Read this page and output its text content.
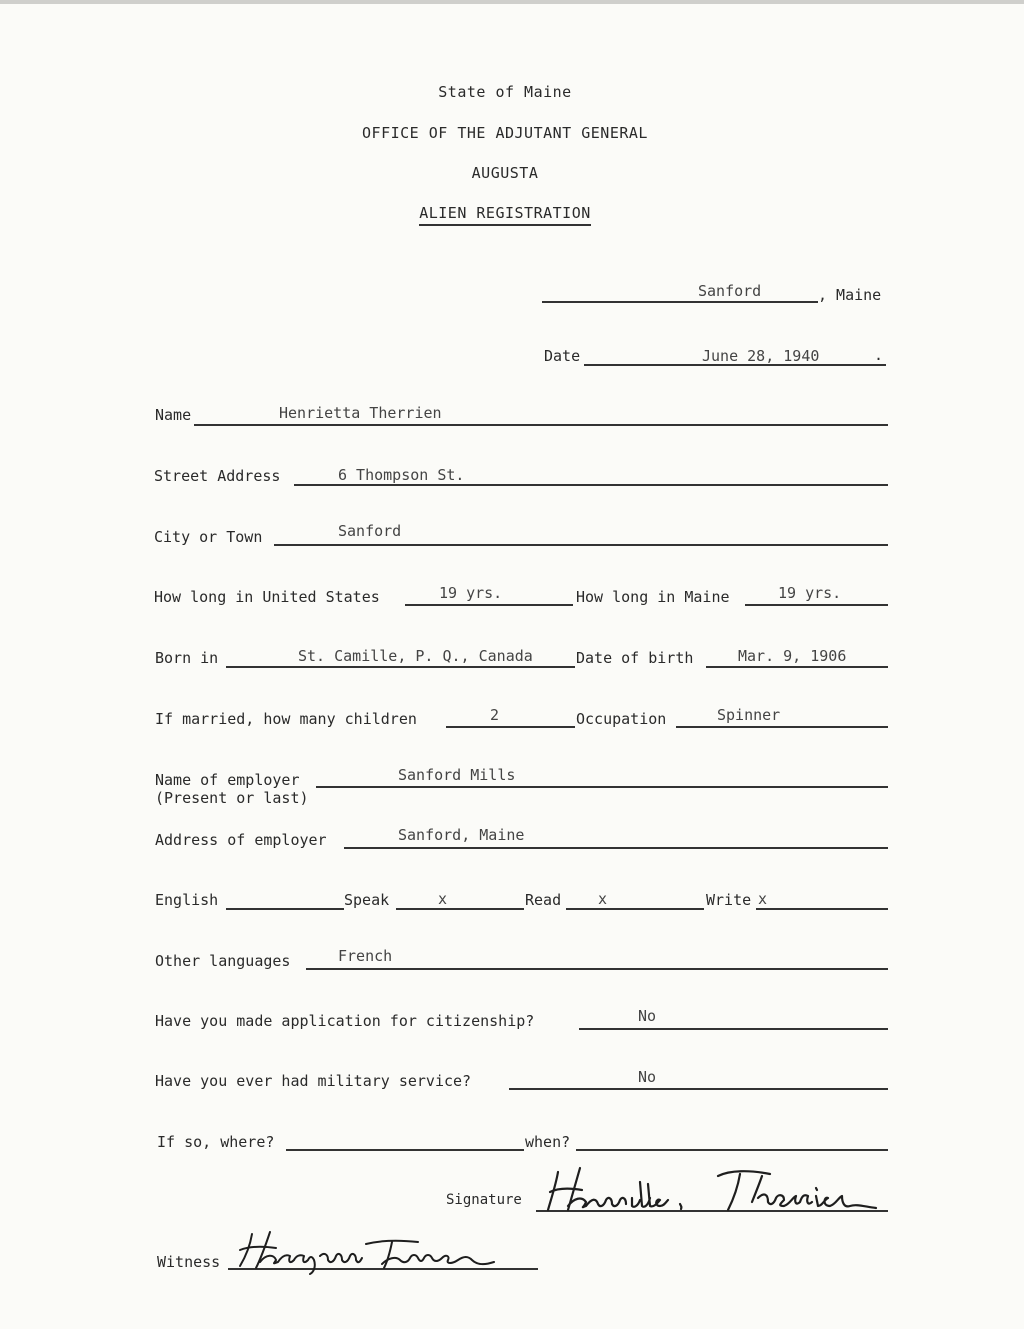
State of Maine
OFFICE OF THE ADJUTANT GENERAL
AUGUSTA
ALIEN REGISTRATION
Sanford	, Maine
Date	June 28, 1940	.
Name	Henrietta Therrien
Street Address	6 Thompson St.
City or Town	Sanford
How long in United States	19 yrs.	How long in Maine	19 yrs.
Born in	St. Camille, P. Q., Canada	Date of birth	Mar. 9, 1906
If married, how many children	2	Occupation	Spinner
Name of employer
(Present or last)
Sanford Mills
Address of employer	Sanford, Maine
English	Speak	x	Read x	Write x
Other languages	French
Have you made application for citizenship?	No
Have you ever had military service?	No
If so, where?	when?
Signature
Witness
